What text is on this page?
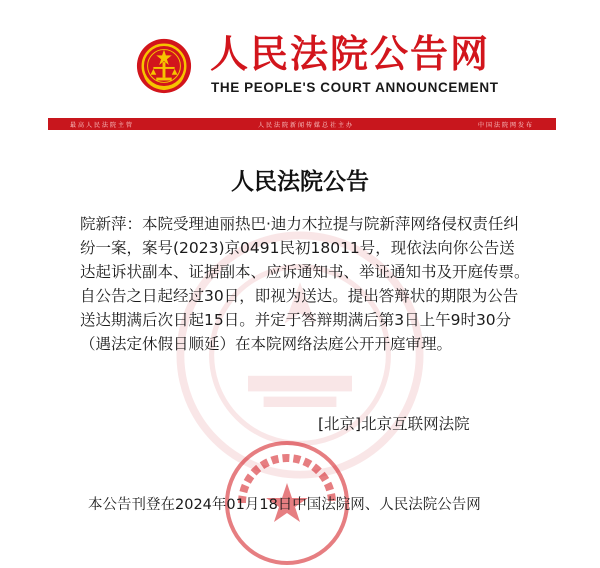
人民法院公告网
THE PEOPLE'S COURT ANNOUNCEMENT
最高人民法院主管	人民法院新闻传媒总社主办	中国法院网发布
人民法院公告

院新萍：本院受理迪丽热巴·迪力木拉提与院新萍网络侵权责任纠纷一案，案号(2023)京0491民初18011号，现依法向你公告送达起诉状副本、证据副本、应诉通知书、举证通知书及开庭传票。自公告之日起经过30日，即视为送达。提出答辩状的期限为公告送达期满后次日起15日。并定于答辩期满后第3日上午9时30分（遇法定休假日顺延）在本院网络法庭公开开庭审理。

[北京]北京互联网法院
本公告刊登在2024年01月18日中国法院网、人民法院公告网
